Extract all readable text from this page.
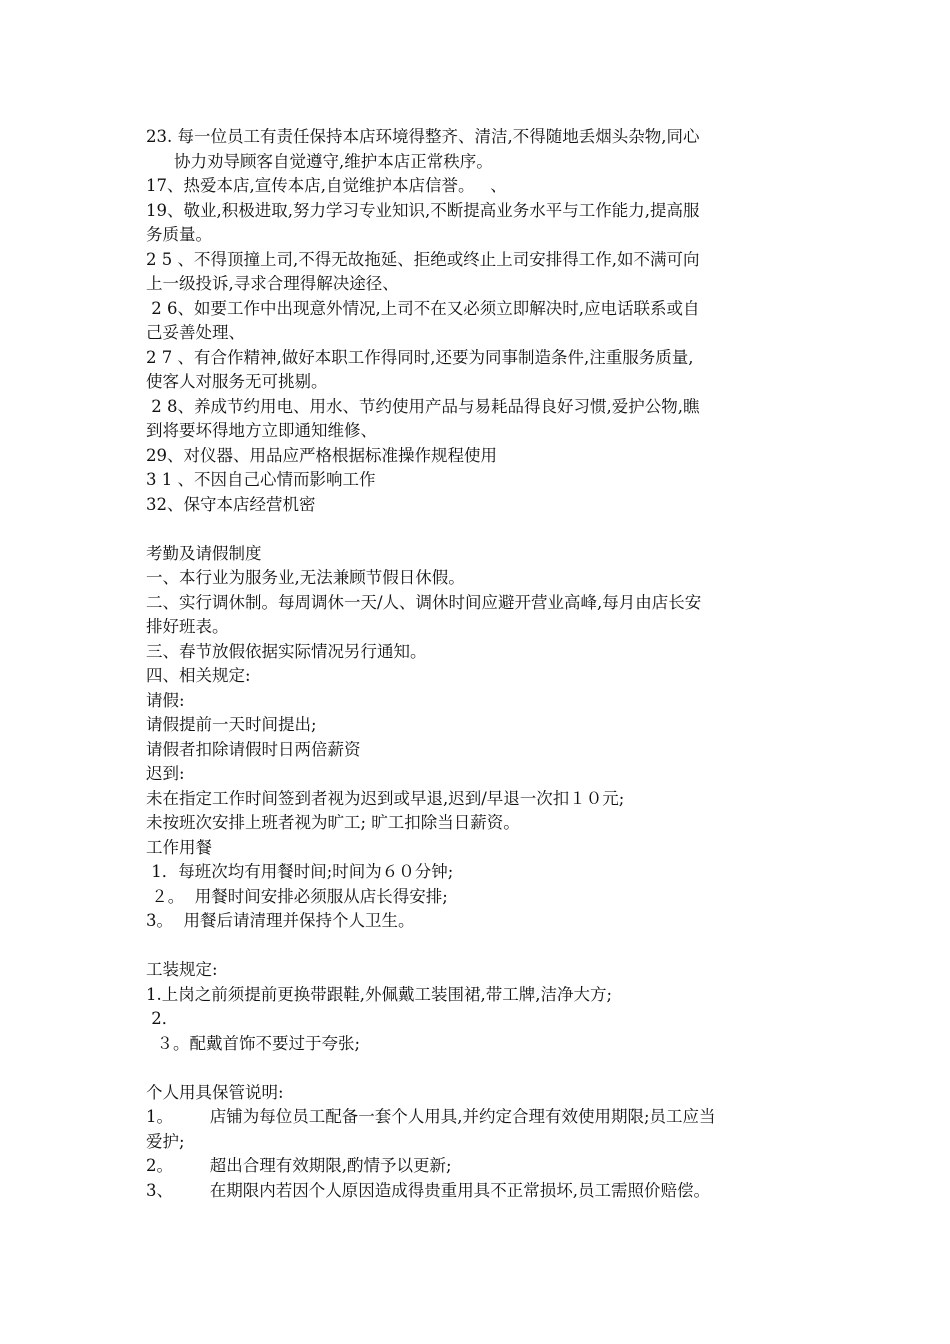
23. 每一位员工有责任保持本店环境得整齐、清洁,不得随地丢烟头杂物,同心

协力劝导顾客自觉遵守,维护本店正常秩序。

17、热爱本店,宣传本店,自觉维护本店信誉。   、

19、敬业,积极进取,努力学习专业知识,不断提高业务水平与工作能力,提高服

务质量。

2 5 、不得顶撞上司,不得无故拖延、拒绝或终止上司安排得工作,如不满可向

上一级投诉,寻求合理得解决途径、

2 6、如要工作中出现意外情况,上司不在又必须立即解决时,应电话联系或自

己妥善处理、

2 7 、有合作精神,做好本职工作得同时,还要为同事制造条件,注重服务质量,

使客人对服务无可挑剔。

2 8、养成节约用电、用水、节约使用产品与易耗品得良好习惯,爱护公物,瞧

到将要坏得地方立即通知维修、

29、对仪器、用品应严格根据标准操作规程使用

3 1 、不因自己心情而影响工作

32、保守本店经营机密

考勤及请假制度

一、本行业为服务业,无法兼顾节假日休假。

二、实行调休制。每周调休一天/人、调休时间应避开营业高峰,每月由店长安

排好班表。

三、春节放假依据实际情况另行通知。

四、相关规定:

请假:

请假提前一天时间提出;

请假者扣除请假时日两倍薪资

迟到:

未在指定工作时间签到者视为迟到或早退,迟到/早退一次扣１０元;

未按班次安排上班者视为旷工; 旷工扣除当日薪资。

工作用餐

1．每班次均有用餐时间;时间为６０分钟;

２。  用餐时间安排必须服从店长得安排;

3。  用餐后请清理并保持个人卫生。

工装规定:

1.上岗之前须提前更换带跟鞋,外佩戴工装围裙,带工牌,洁净大方;

2．

３。配戴首饰不要过于夸张;

个人用具保管说明:

1。       店铺为每位员工配备一套个人用具,并约定合理有效使用期限;员工应当

爱护;

2。       超出合理有效期限,酌情予以更新;

3、       在期限内若因个人原因造成得贵重用具不正常损坏,员工需照价赔偿。
